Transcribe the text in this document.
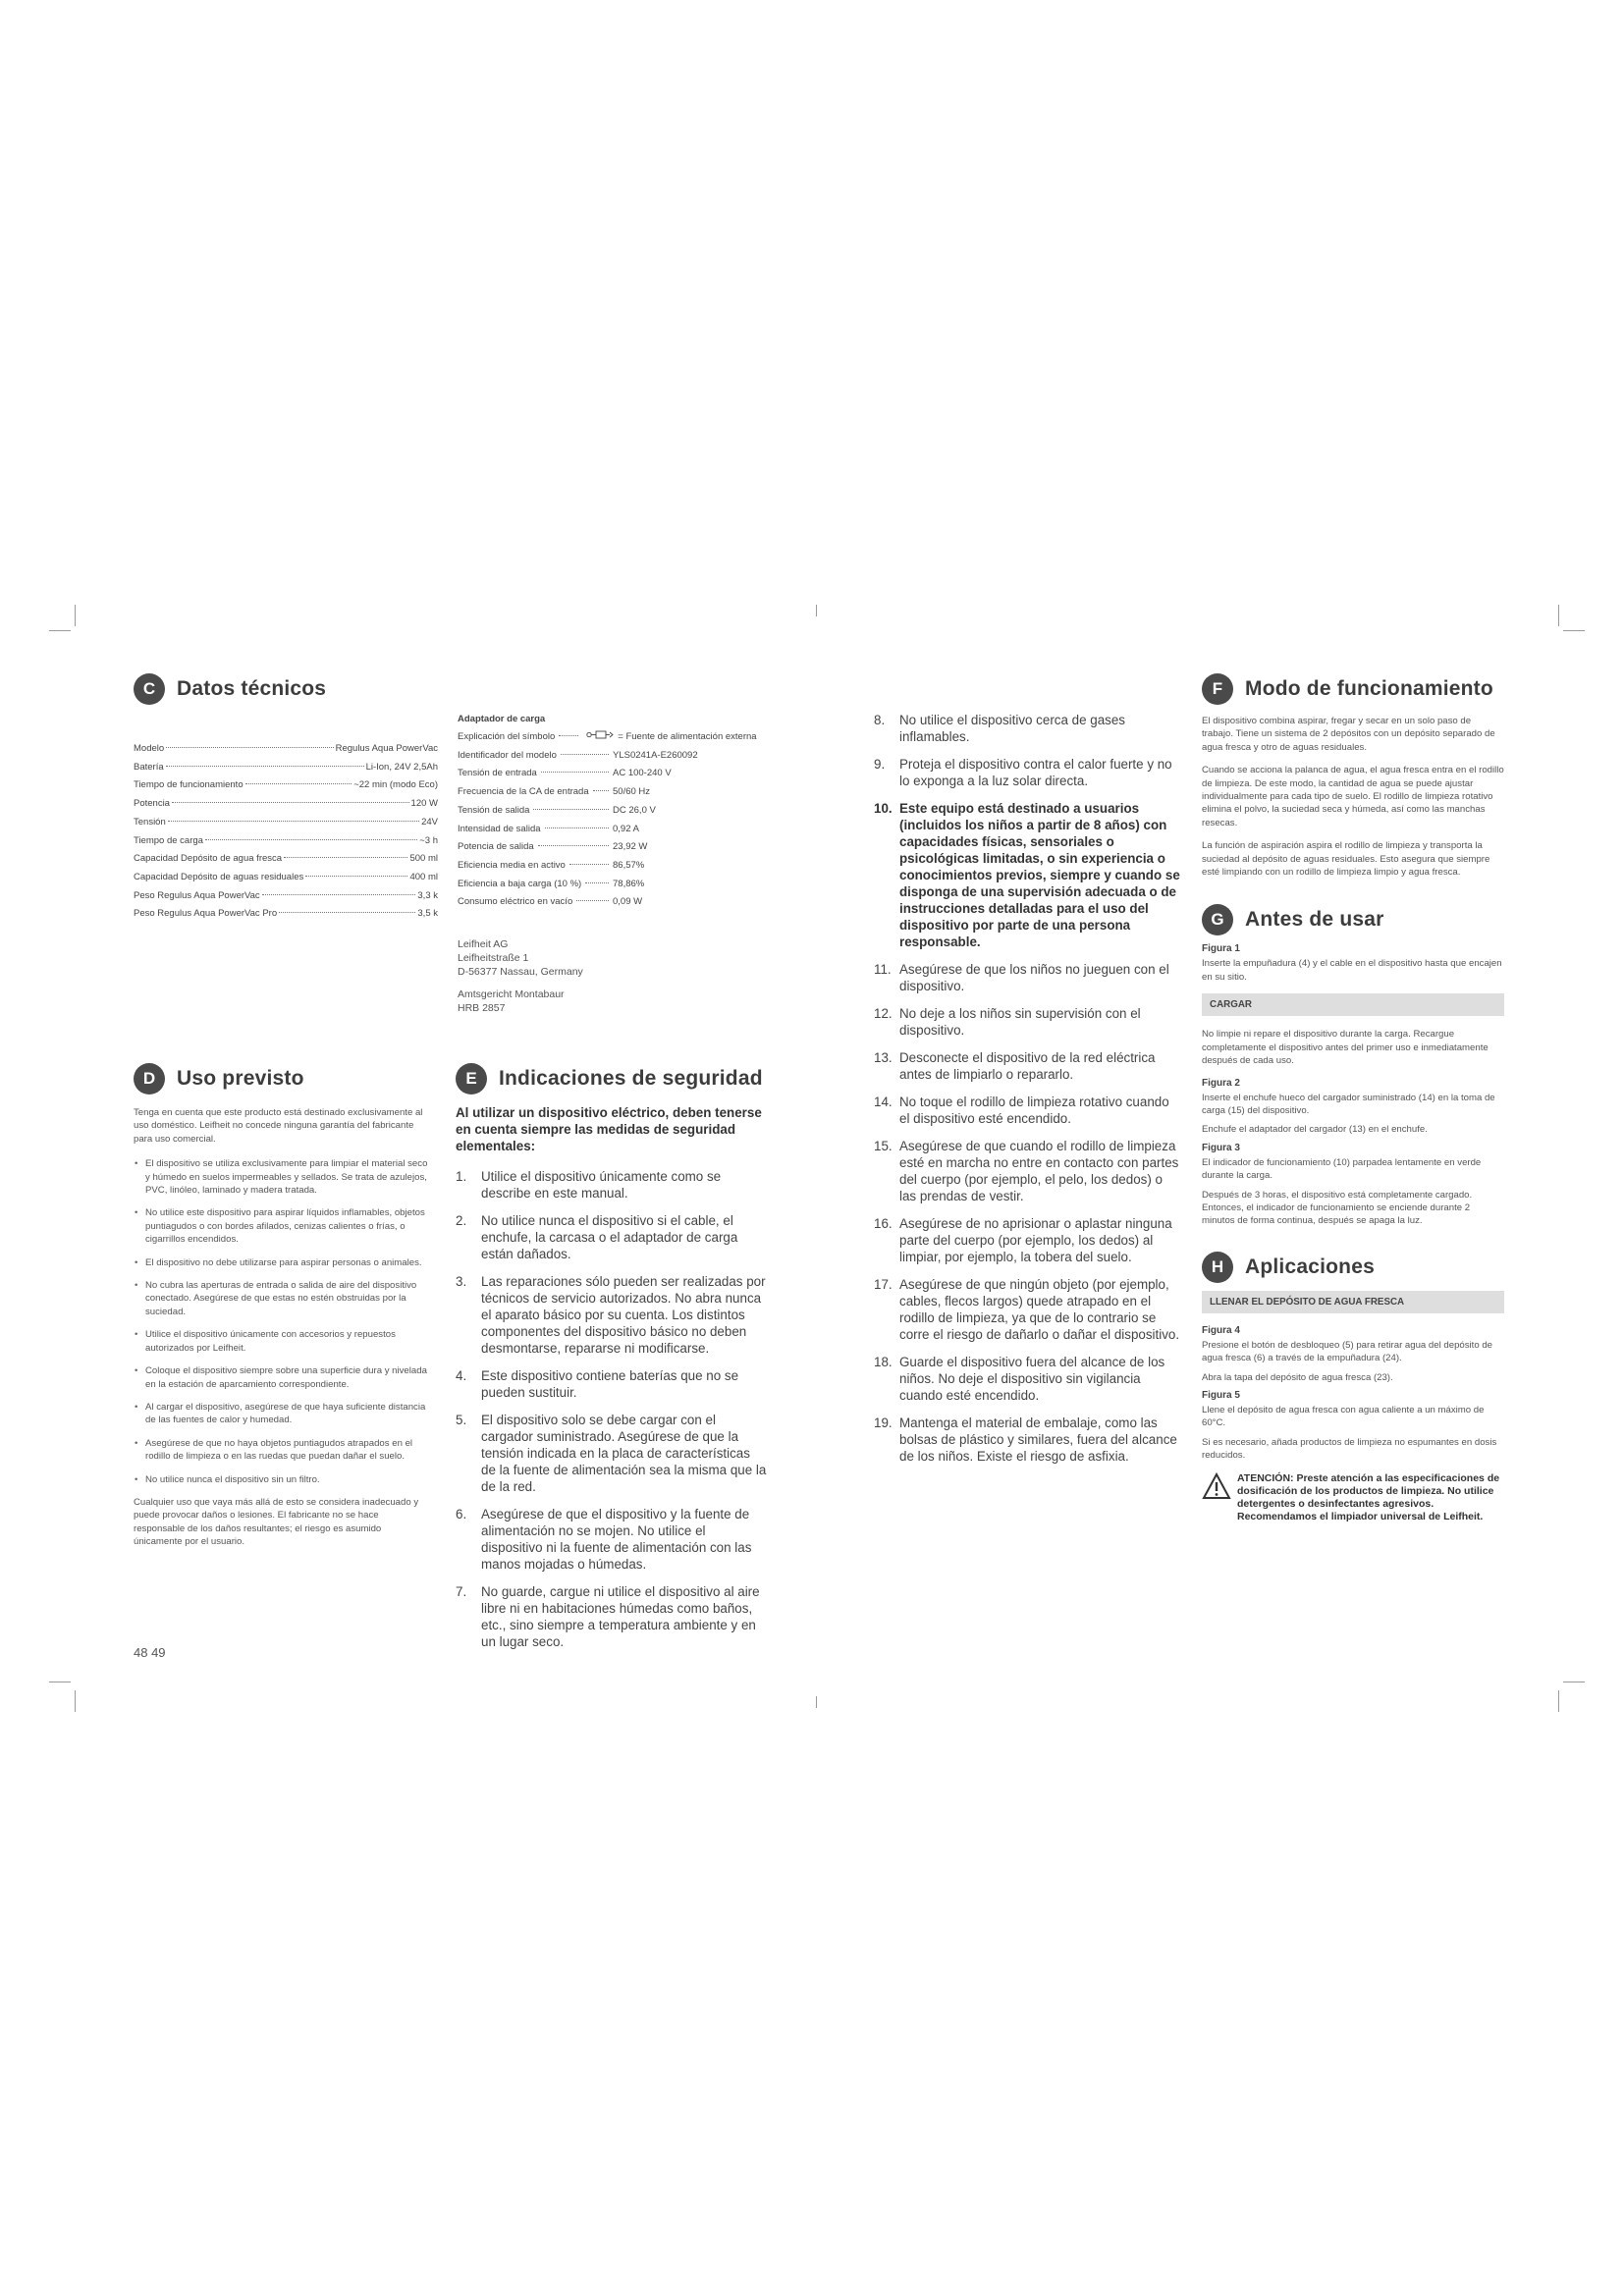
C	Datos técnicos
Modelo	Regulus Aqua PowerVac
Batería	Li-Ion, 24V 2,5Ah
Tiempo de funcionamiento	~22 min (modo Eco)
Potencia	120 W
Tensión	24V
Tiempo de carga	~3 h
Capacidad Depósito de agua fresca	500 ml
Capacidad Depósito de aguas residuales	400 ml
Peso Regulus Aqua PowerVac	3,3 k
Peso Regulus Aqua PowerVac Pro	3,5 k
Adaptador de carga
Explicación del símbolo	= Fuente de alimentación externa
Identificador del modelo	YLS0241A-E260092
Tensión de entrada	AC 100-240 V
Frecuencia de la CA de entrada	50/60 Hz
Tensión de salida	DC 26,0 V
Intensidad de salida	0,92 A
Potencia de salida	23,92 W
Eficiencia media en activo	86,57%
Eficiencia a baja carga (10 %)	78,86%
Consumo eléctrico en vacío	0,09 W
Leifheit AG
Leifheitstraße 1
D-56377 Nassau, Germany
Amtsgericht Montabaur
HRB 2857
D	Uso previsto

Tenga en cuenta que este producto está destinado exclusivamente al uso doméstico. Leifheit no concede ninguna garantía del fabricante para uso comercial.

• El dispositivo se utiliza exclusivamente para limpiar el material seco y húmedo en suelos impermeables y sellados. Se trata de azulejos, PVC, linóleo, laminado y madera tratada.
• No utilice este dispositivo para aspirar líquidos inflamables, objetos puntiagudos o con bordes afilados, cenizas calientes o frías, o cigarrillos encendidos.
• El dispositivo no debe utilizarse para aspirar personas o animales.
• No cubra las aperturas de entrada o salida de aire del dispositivo conectado. Asegúrese de que estas no estén obstruidas por la suciedad.
• Utilice el dispositivo únicamente con accesorios y repuestos autorizados por Leifheit.
• Coloque el dispositivo siempre sobre una superficie dura y nivelada en la estación de aparcamiento correspondiente.
• Al cargar el dispositivo, asegúrese de que haya suficiente distancia de las fuentes de calor y humedad.
• Asegúrese de que no haya objetos puntiagudos atrapados en el rodillo de limpieza o en las ruedas que puedan dañar el suelo.
• No utilice nunca el dispositivo sin un filtro.

Cualquier uso que vaya más allá de esto se considera inadecuado y puede provocar daños o lesiones. El fabricante no se hace responsable de los daños resultantes; el riesgo es asumido únicamente por el usuario.

E	Indicaciones de seguridad

Al utilizar un dispositivo eléctrico, deben tenerse en cuenta siempre las medidas de seguridad elementales:

1.	Utilice el dispositivo únicamente como se describe en este manual.
2.	No utilice nunca el dispositivo si el cable, el enchufe, la carcasa o el adaptador de carga están dañados.
3.	Las reparaciones sólo pueden ser realizadas por técnicos de servicio autorizados. No abra nunca el aparato básico por su cuenta. Los distintos componentes del dispositivo básico no deben desmontarse, repararse ni modificarse.
4.	Este dispositivo contiene baterías que no se pueden sustituir.
5.	El dispositivo solo se debe cargar con el cargador suministrado. Asegúrese de que la tensión indicada en la placa de características de la fuente de alimentación sea la misma que la de la red.
6.	Asegúrese de que el dispositivo y la fuente de alimentación no se mojen. No utilice el dispositivo ni la fuente de alimentación con las manos mojadas o húmedas.
7.	No guarde, cargue ni utilice el dispositivo al aire libre ni en habitaciones húmedas como baños, etc., sino siempre a temperatura ambiente y en un lugar seco.
8.	No utilice el dispositivo cerca de gases inflamables.
9.	Proteja el dispositivo contra el calor fuerte y no lo exponga a la luz solar directa.
10. Este equipo está destinado a usuarios (incluidos los niños a partir de 8 años) con capacidades físicas, sensoriales o psicológicas limitadas, o sin experiencia o conocimientos previos, siempre y cuando se disponga de una supervisión adecuada o de instrucciones detalladas para el uso del dispositivo por parte de una persona responsable.
11. Asegúrese de que los niños no jueguen con el dispositivo.
12. No deje a los niños sin supervisión con el dispositivo.
13. Desconecte el dispositivo de la red eléctrica antes de limpiarlo o repararlo.
14. No toque el rodillo de limpieza rotativo cuando el dispositivo esté encendido.
15. Asegúrese de que cuando el rodillo de limpieza esté en marcha no entre en contacto con partes del cuerpo (por ejemplo, el pelo, los dedos) o las prendas de vestir.
16. Asegúrese de no aprisionar o aplastar ninguna parte del cuerpo (por ejemplo, los dedos) al limpiar, por ejemplo, la tobera del suelo.
17. Asegúrese de que ningún objeto (por ejemplo, cables, flecos largos) quede atrapado en el rodillo de limpieza, ya que de lo contrario se corre el riesgo de dañarlo o dañar el dispositivo.
18. Guarde el dispositivo fuera del alcance de los niños. No deje el dispositivo sin vigilancia cuando esté encendido.
19. Mantenga el material de embalaje, como las bolsas de plástico y similares, fuera del alcance de los niños. Existe el riesgo de asfixia.
F	Modo de funcionamiento

El dispositivo combina aspirar, fregar y secar en un solo paso de trabajo. Tiene un sistema de 2 depósitos con un depósito separado de agua fresca y otro de aguas residuales.

Cuando se acciona la palanca de agua, el agua fresca entra en el rodillo de limpieza. De este modo, la cantidad de agua se puede ajustar individualmente para cada tipo de suelo. El rodillo de limpieza rotativo elimina el polvo, la suciedad seca y húmeda, así como las manchas resecas.

La función de aspiración aspira el rodillo de limpieza y transporta la suciedad al depósito de aguas residuales. Esto asegura que siempre esté limpiando con un rodillo de limpieza limpio y agua fresca.

G	Antes de usar
Figura 1

Inserte la empuñadura (4) y el cable en el dispositivo hasta que encajen en su sitio.

CARGAR

No limpie ni repare el dispositivo durante la carga. Recargue completamente el dispositivo antes del primer uso e inmediatamente después de cada uso.

Figura 2

Inserte el enchufe hueco del cargador suministrado (14) en la toma de carga (15) del dispositivo.

Enchufe el adaptador del cargador (13) en el enchufe.

Figura 3

El indicador de funcionamiento (10) parpadea lentamente en verde durante la carga.

Después de 3 horas, el dispositivo está completamente cargado. Entonces, el indicador de funcionamiento se enciende durante 2 minutos de forma continua, después se apaga la luz.

H	Aplicaciones
LLENAR EL DEPÓSITO DE AGUA FRESCA
Figura 4

Presione el botón de desbloqueo (5) para retirar agua del depósito de agua fresca (6) a través de la empuñadura (24).

Abra la tapa del depósito de agua fresca (23).

Figura 5

Llene el depósito de agua fresca con agua caliente a un máximo de 60°C.

Si es necesario, añada productos de limpieza no espumantes en dosis reducidos.

ATENCIÓN: Preste atención a las especificaciones de dosificación de los productos de limpieza. No utilice detergentes o desinfectantes agresivos. Recomendamos el limpiador universal de Leifheit.
48 49
